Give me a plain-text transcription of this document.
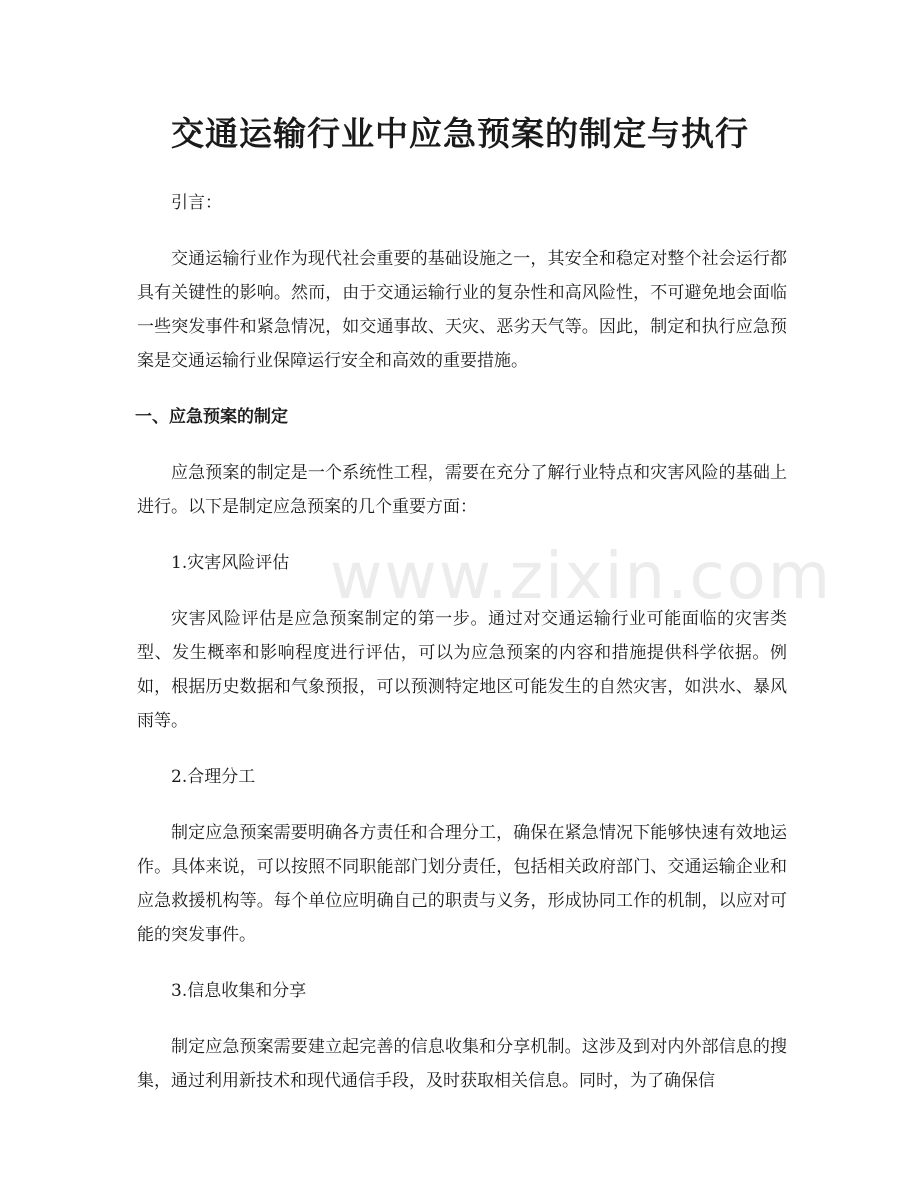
www.zixin.com
交通运输行业中应急预案的制定与执行

引言：

交通运输行业作为现代社会重要的基础设施之一，其安全和稳定对整个社会运行都具有关键性的影响。然而，由于交通运输行业的复杂性和高风险性，不可避免地会面临一些突发事件和紧急情况，如交通事故、天灾、恶劣天气等。因此，制定和执行应急预案是交通运输行业保障运行安全和高效的重要措施。

一、应急预案的制定

应急预案的制定是一个系统性工程，需要在充分了解行业特点和灾害风险的基础上进行。以下是制定应急预案的几个重要方面：

1.灾害风险评估

灾害风险评估是应急预案制定的第一步。通过对交通运输行业可能面临的灾害类型、发生概率和影响程度进行评估，可以为应急预案的内容和措施提供科学依据。例如，根据历史数据和气象预报，可以预测特定地区可能发生的自然灾害，如洪水、暴风雨等。

2.合理分工

制定应急预案需要明确各方责任和合理分工，确保在紧急情况下能够快速有效地运作。具体来说，可以按照不同职能部门划分责任，包括相关政府部门、交通运输企业和应急救援机构等。每个单位应明确自己的职责与义务，形成协同工作的机制，以应对可能的突发事件。

3.信息收集和分享

制定应急预案需要建立起完善的信息收集和分享机制。这涉及到对内外部信息的搜集，通过利用新技术和现代通信手段，及时获取相关信息。同时，为了确保信
